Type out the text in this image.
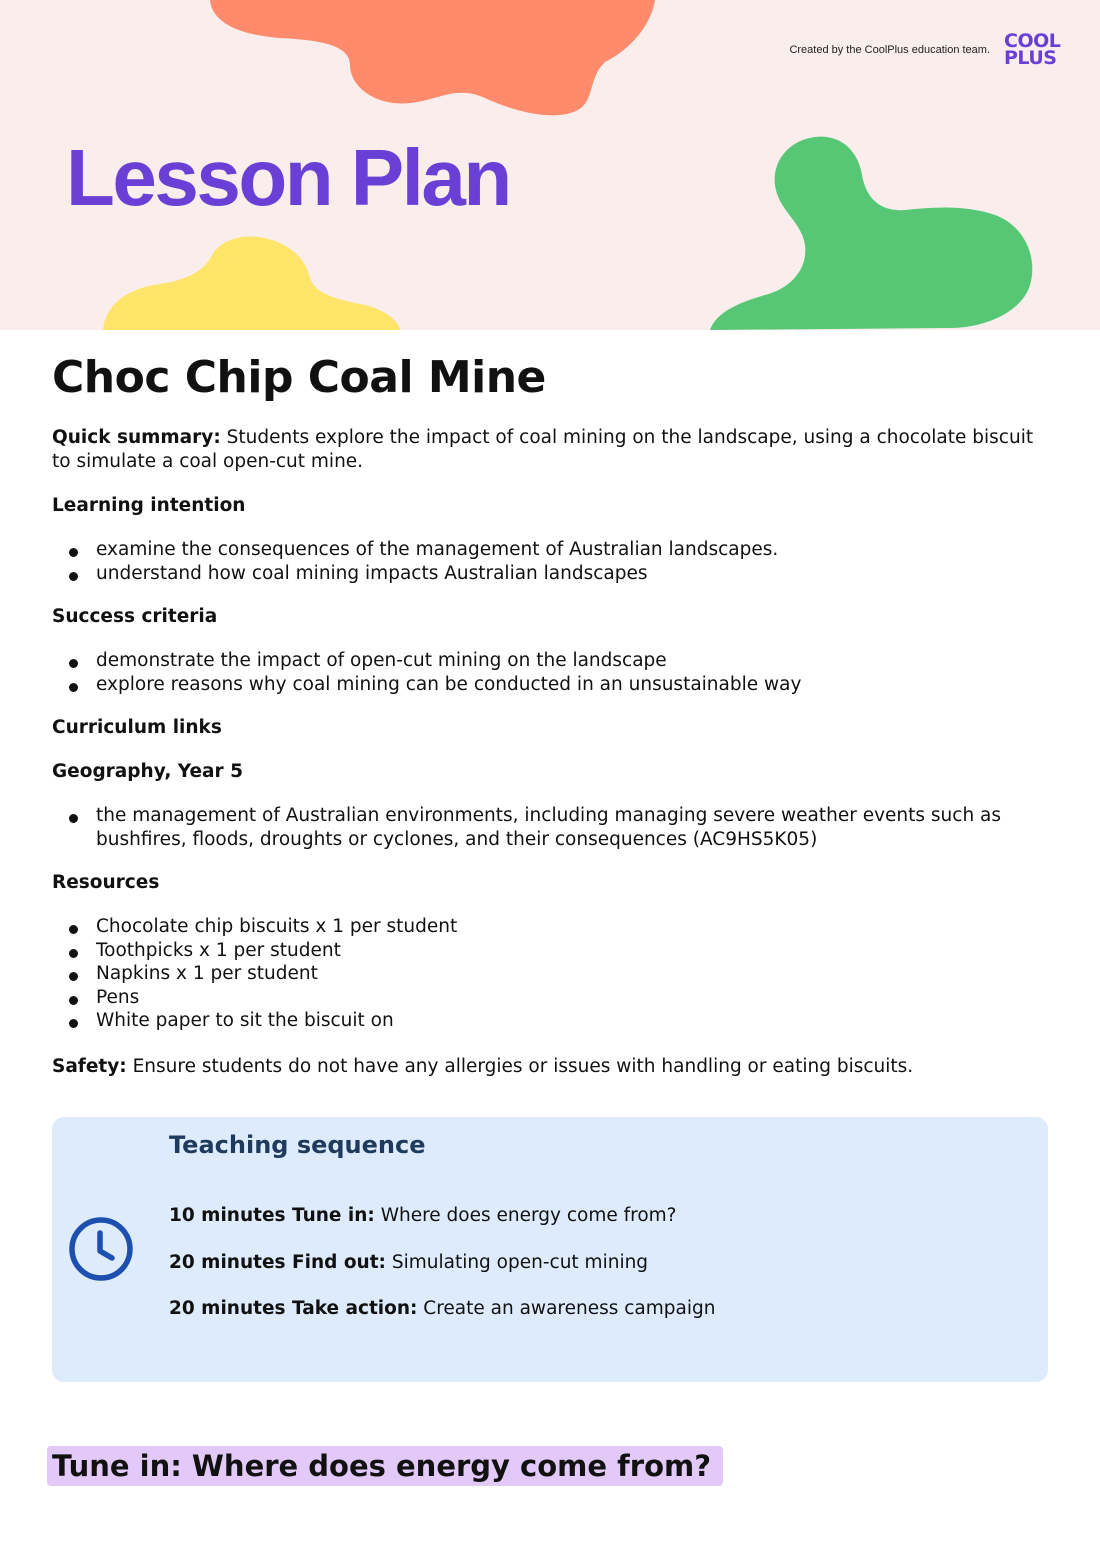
Created by the CoolPlus education team. COOL
PLUS
Lesson Plan
Choc Chip Coal Mine

Quick summary: Students explore the impact of coal mining on the landscape, using a chocolate biscuit to simulate a coal open-cut mine.

Learning intention

examine the consequences of the management of Australian landscapes.
understand how coal mining impacts Australian landscapes

Success criteria

demonstrate the impact of open-cut mining on the landscape
explore reasons why coal mining can be conducted in an unsustainable way

Curriculum links

Geography, Year 5

the management of Australian environments, including managing severe weather events such as bushfires, floods, droughts or cyclones, and their consequences (AC9HS5K05)

Resources

Chocolate chip biscuits x 1 per student
Toothpicks x 1 per student
Napkins x 1 per student
Pens
White paper to sit the biscuit on

Safety: Ensure students do not have any allergies or issues with handling or eating biscuits.

Teaching sequence
10 minutes Tune in: Where does energy come from?
20 minutes Find out: Simulating open-cut mining
20 minutes Take action: Create an awareness campaign
Tune in: Where does energy come from?
